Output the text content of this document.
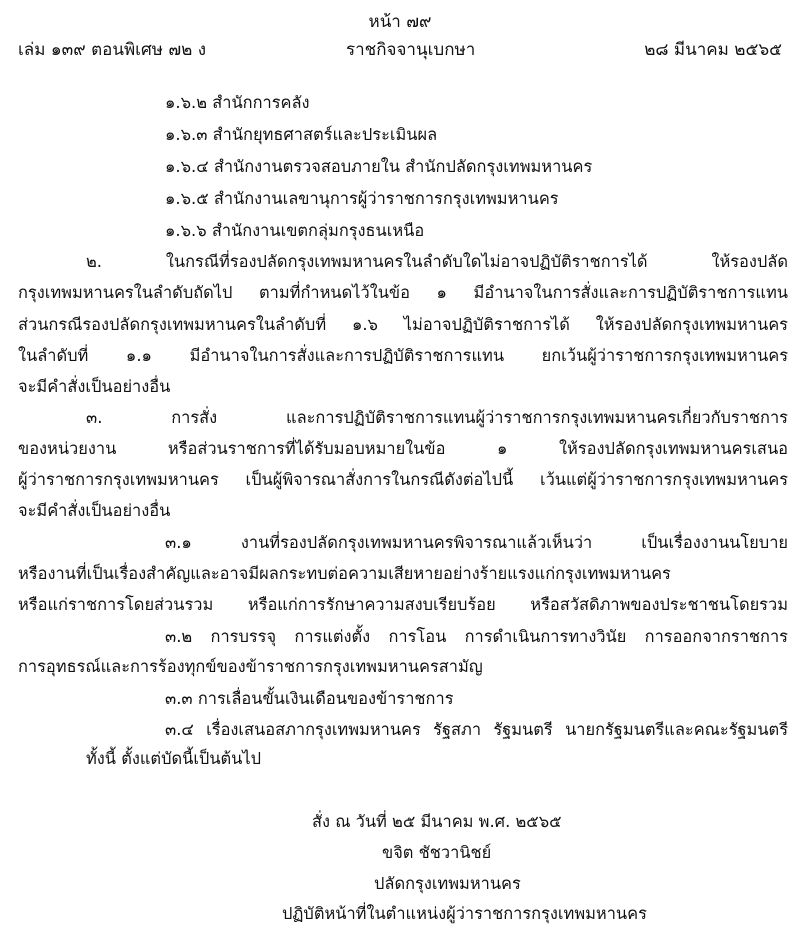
หน้า ๗๙
เล่ม ๑๓๙ ตอนพิเศษ ๗๒ ง	ราชกิจจานุเบกษา	๒๘ มีนาคม ๒๕๖๕
๑.๖.๒ สำนักการคลัง
๑.๖.๓ สำนักยุทธศาสตร์และประเมินผล
๑.๖.๔ สำนักงานตรวจสอบภายใน สำนักปลัดกรุงเทพมหานคร
๑.๖.๕ สำนักงานเลขานุการผู้ว่าราชการกรุงเทพมหานคร
๑.๖.๖ สำนักงานเขตกลุ่มกรุงธนเหนือ
๒. ในกรณีที่รองปลัดกรุงเทพมหานครในลำดับใดไม่อาจปฏิบัติราชการได้ ให้รองปลัด
กรุงเทพมหานครในลำดับถัดไป ตามที่กำหนดไว้ในข้อ ๑ มีอำนาจในการสั่งและการปฏิบัติราชการแทน
ส่วนกรณีรองปลัดกรุงเทพมหานครในลำดับที่ ๑.๖ ไม่อาจปฏิบัติราชการได้ ให้รองปลัดกรุงเทพมหานคร
ในลำดับที่ ๑.๑ มีอำนาจในการสั่งและการปฏิบัติราชการแทน ยกเว้นผู้ว่าราชการกรุงเทพมหานคร
จะมีคำสั่งเป็นอย่างอื่น
๓. การสั่ง และการปฏิบัติราชการแทนผู้ว่าราชการกรุงเทพมหานครเกี่ยวกับราชการ
ของหน่วยงาน หรือส่วนราชการที่ได้รับมอบหมายในข้อ ๑ ให้รองปลัดกรุงเทพมหานครเสนอ
ผู้ว่าราชการกรุงเทพมหานคร เป็นผู้พิจารณาสั่งการในกรณีดังต่อไปนี้ เว้นแต่ผู้ว่าราชการกรุงเทพมหานคร
จะมีคำสั่งเป็นอย่างอื่น
๓.๑ งานที่รองปลัดกรุงเทพมหานครพิจารณาแล้วเห็นว่า เป็นเรื่องงานนโยบาย
หรืองานที่เป็นเรื่องสำคัญและอาจมีผลกระทบต่อความเสียหายอย่างร้ายแรงแก่กรุงเทพมหานคร
หรือแก่ราชการโดยส่วนรวม หรือแก่การรักษาความสงบเรียบร้อย หรือสวัสดิภาพของประชาชนโดยรวม
๓.๒ การบรรจุ การแต่งตั้ง การโอน การดำเนินการทางวินัย การออกจากราชการ
การอุทธรณ์และการร้องทุกข์ของข้าราชการกรุงเทพมหานครสามัญ
๓.๓ การเลื่อนขั้นเงินเดือนของข้าราชการ
๓.๔ เรื่องเสนอสภากรุงเทพมหานคร รัฐสภา รัฐมนตรี นายกรัฐมนตรีและคณะรัฐมนตรี
ทั้งนี้ ตั้งแต่บัดนี้เป็นต้นไป
สั่ง ณ วันที่ ๒๕ มีนาคม พ.ศ. ๒๕๖๕
ขจิต ชัชวานิชย์
ปลัดกรุงเทพมหานคร
ปฏิบัติหน้าที่ในตำแหน่งผู้ว่าราชการกรุงเทพมหานคร
